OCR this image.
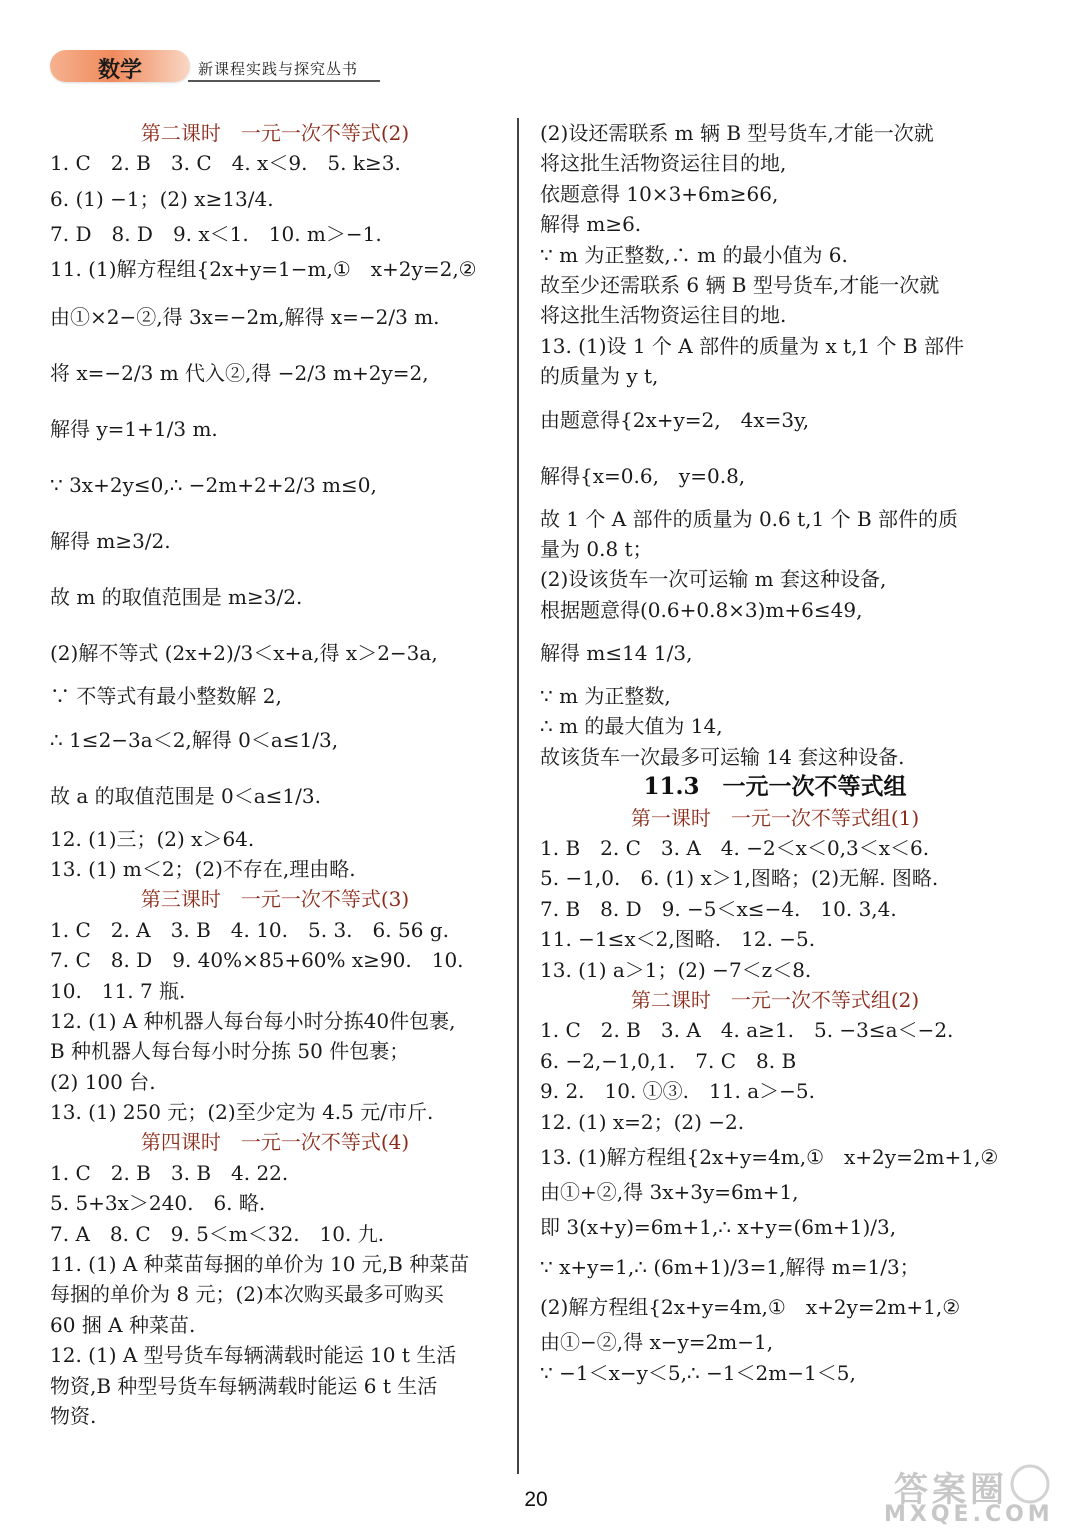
数学	新课程实践与探究丛书
第二课时　一元一次不等式(2)
1. C　2. B　3. C　4. x＜9.　5. k≥3.
6. (1) −1；(2) x≥13/4.
7. D　8. D　9. x＜1.　10. m＞−1.
11. (1)解方程组{2x+y=1−m,①　x+2y=2,②
由①×2−②,得 3x=−2m,解得 x=−2/3 m.
将 x=−2/3 m 代入②,得 −2/3 m+2y=2,
解得 y=1+1/3 m.
∵ 3x+2y≤0,∴ −2m+2+2/3 m≤0,
解得 m≥3/2.
故 m 的取值范围是 m≥3/2.
(2)解不等式 (2x+2)/3＜x+a,得 x＞2−3a,
∵ 不等式有最小整数解 2,
∴ 1≤2−3a＜2,解得 0＜a≤1/3,
故 a 的取值范围是 0＜a≤1/3.
12. (1)三；(2) x＞64.
13. (1) m＜2；(2)不存在,理由略.
第三课时　一元一次不等式(3)
1. C　2. A　3. B　4. 10.　5. 3.　6. 56 g.
7. C　8. D　9. 40%×85+60% x≥90.　10.
10.　11. 7 瓶.
12. (1) A 种机器人每台每小时分拣40件包裹,
B 种机器人每台每小时分拣 50 件包裹；
(2) 100 台.
13. (1) 250 元；(2)至少定为 4.5 元/市斤.
第四课时　一元一次不等式(4)
1. C　2. B　3. B　4. 22.
5. 5+3x＞240.　6. 略.
7. A　8. C　9. 5＜m＜32.　10. 九.
11. (1) A 种菜苗每捆的单价为 10 元,B 种菜苗
每捆的单价为 8 元；(2)本次购买最多可购买
60 捆 A 种菜苗.
12. (1) A 型号货车每辆满载时能运 10 t 生活
物资,B 种型号货车每辆满载时能运 6 t 生活
物资.
(2)设还需联系 m 辆 B 型号货车,才能一次就
将这批生活物资运往目的地,
依题意得 10×3+6m≥66,
解得 m≥6.
∵ m 为正整数,∴ m 的最小值为 6.
故至少还需联系 6 辆 B 型号货车,才能一次就
将这批生活物资运往目的地.
13. (1)设 1 个 A 部件的质量为 x t,1 个 B 部件
的质量为 y t,
由题意得{2x+y=2,　4x=3y,
解得{x=0.6,　y=0.8,
故 1 个 A 部件的质量为 0.6 t,1 个 B 部件的质
量为 0.8 t；
(2)设该货车一次可运输 m 套这种设备,
根据题意得(0.6+0.8×3)m+6≤49,
解得 m≤14 1/3,
∵ m 为正整数,
∴ m 的最大值为 14,
故该货车一次最多可运输 14 套这种设备.
11.3　一元一次不等式组
第一课时　一元一次不等式组(1)
1. B　2. C　3. A　4. −2＜x＜0,3＜x＜6.
5. −1,0.　6. (1) x＞1,图略；(2)无解. 图略.
7. B　8. D　9. −5＜x≤−4.　10. 3,4.
11. −1≤x＜2,图略.　12. −5.
13. (1) a＞1；(2) −7＜z＜8.
第二课时　一元一次不等式组(2)
1. C　2. B　3. A　4. a≥1.　5. −3≤a＜−2.
6. −2,−1,0,1.　7. C　8. B
9. 2.　10. ①③.　11. a＞−5.
12. (1) x=2；(2) −2.
13. (1)解方程组{2x+y=4m,①　x+2y=2m+1,②
由①+②,得 3x+3y=6m+1,
即 3(x+y)=6m+1,∴ x+y=(6m+1)/3,
∵ x+y=1,∴ (6m+1)/3=1,解得 m=1/3；
(2)解方程组{2x+y=4m,①　x+2y=2m+1,②
由①−②,得 x−y=2m−1,
∵ −1＜x−y＜5,∴ −1＜2m−1＜5,
20	答案圈
MXQE.COM
